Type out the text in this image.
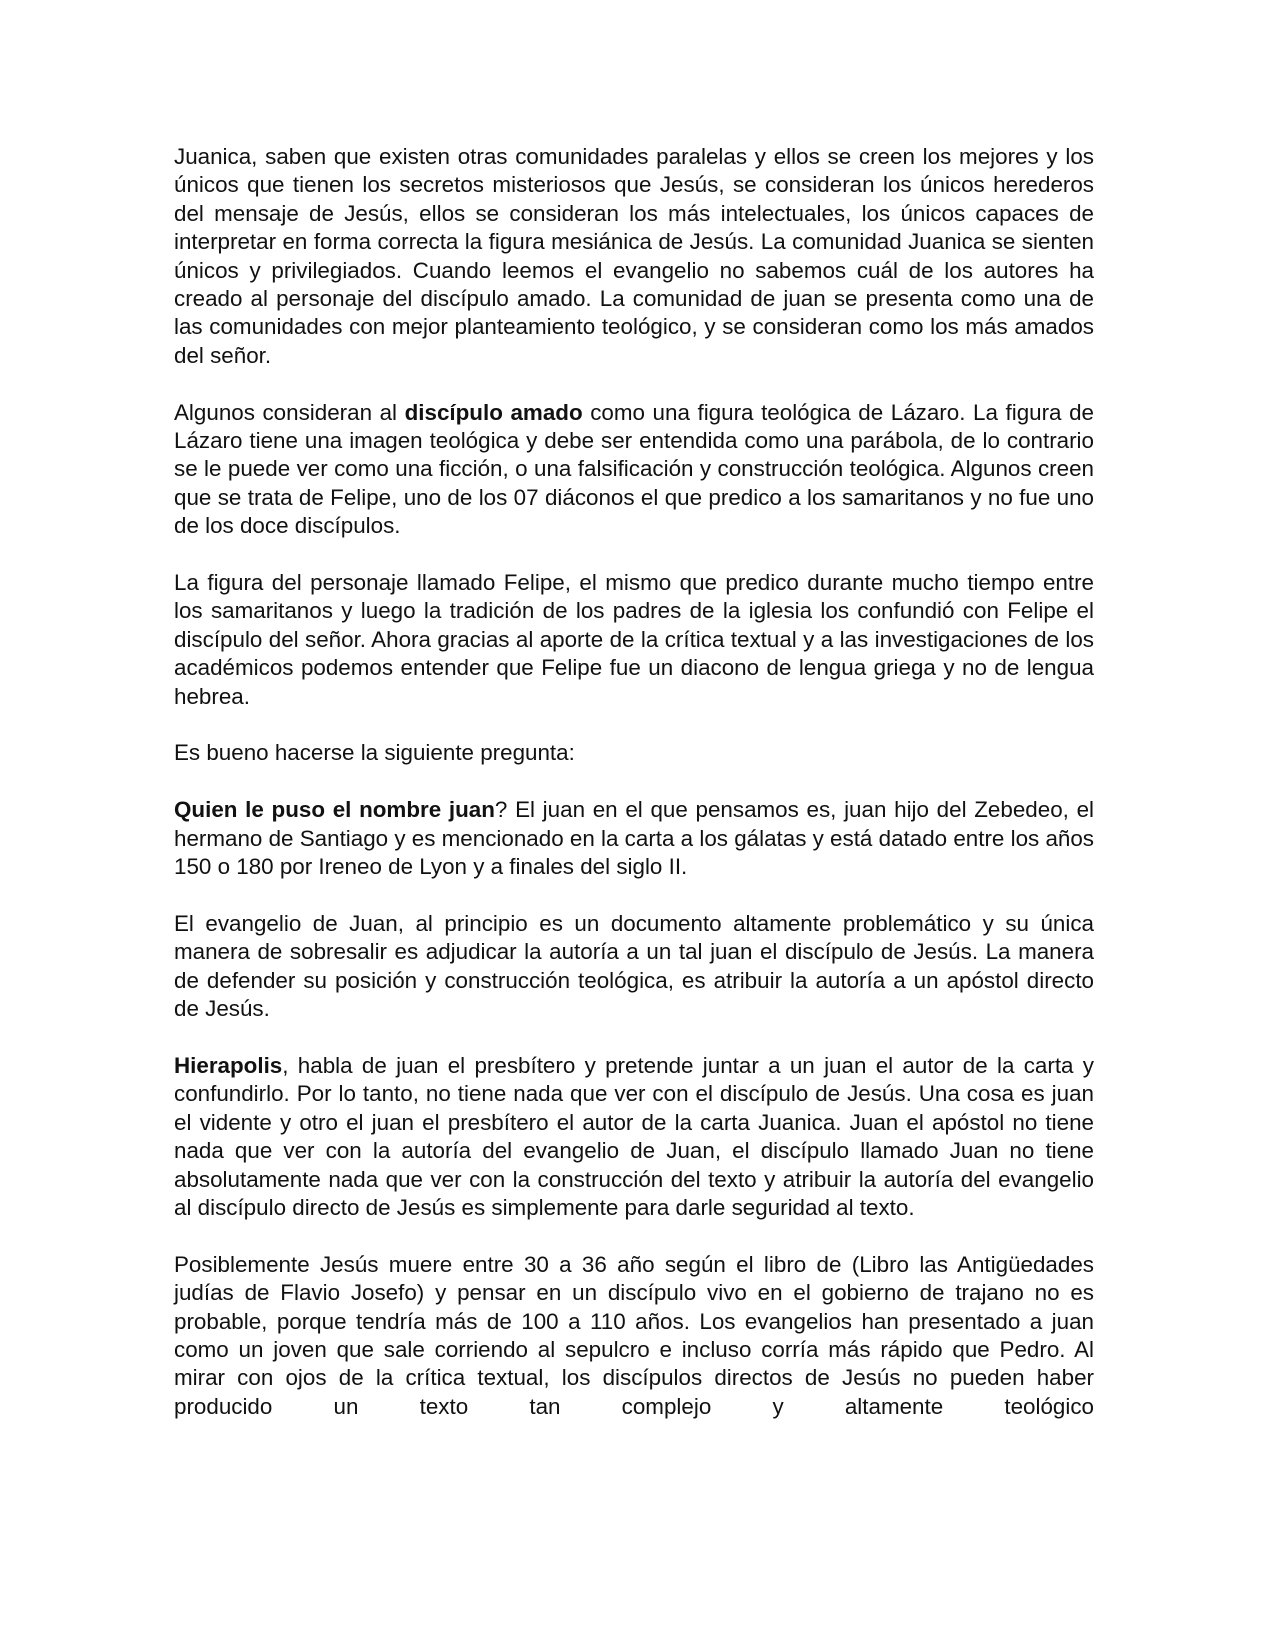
Juanica, saben que existen otras comunidades paralelas y ellos se creen los mejores y los únicos que tienen los secretos misteriosos que Jesús, se consideran los únicos herederos del mensaje de Jesús, ellos se consideran los más intelectuales, los únicos capaces de interpretar en forma correcta la figura mesiánica de Jesús. La comunidad Juanica se sienten únicos y privilegiados. Cuando leemos el evangelio no sabemos cuál de los autores ha creado al personaje del discípulo amado. La comunidad de juan se presenta como una de las comunidades con mejor planteamiento teológico, y se consideran como los más amados del señor.

Algunos consideran al discípulo amado como una figura teológica de Lázaro. La figura de Lázaro tiene una imagen teológica y debe ser entendida como una parábola, de lo contrario se le puede ver como una ficción, o una falsificación y construcción teológica. Algunos creen que se trata de Felipe, uno de los 07 diáconos el que predico a los samaritanos y no fue uno de los doce discípulos.

La figura del personaje llamado Felipe, el mismo que predico durante mucho tiempo entre los samaritanos y luego la tradición de los padres de la iglesia los confundió con Felipe el discípulo del señor. Ahora gracias al aporte de la crítica textual y a las investigaciones de los académicos podemos entender que Felipe fue un diacono de lengua griega y no de lengua hebrea.

Es bueno hacerse la siguiente pregunta:

Quien le puso el nombre juan? El juan en el que pensamos es, juan hijo del Zebedeo, el hermano de Santiago y es mencionado en la carta a los gálatas y está datado entre los años 150 o 180 por Ireneo de Lyon y a finales del siglo II.

El evangelio de Juan, al principio es un documento altamente problemático y su única manera de sobresalir es adjudicar la autoría a un tal juan el discípulo de Jesús. La manera de defender su posición y construcción teológica, es atribuir la autoría a un apóstol directo de Jesús.

Hierapolis, habla de juan el presbítero y pretende juntar a un juan el autor de la carta y confundirlo. Por lo tanto, no tiene nada que ver con el discípulo de Jesús. Una cosa es juan el vidente y otro el juan el presbítero el autor de la carta Juanica. Juan el apóstol no tiene nada que ver con la autoría del evangelio de Juan, el discípulo llamado Juan no tiene absolutamente nada que ver con la construcción del texto y atribuir la autoría del evangelio al discípulo directo de Jesús es simplemente para darle seguridad al texto.

Posiblemente Jesús muere entre 30 a 36 año según el libro de (Libro las Antigüedades judías de Flavio Josefo) y pensar en un discípulo vivo en el gobierno de trajano no es probable, porque tendría más de 100 a 110 años. Los evangelios han presentado a juan como un joven que sale corriendo al sepulcro e incluso corría más rápido que Pedro. Al mirar con ojos de la crítica textual, los discípulos directos de Jesús no pueden haber producido un texto tan complejo y altamente teológico
